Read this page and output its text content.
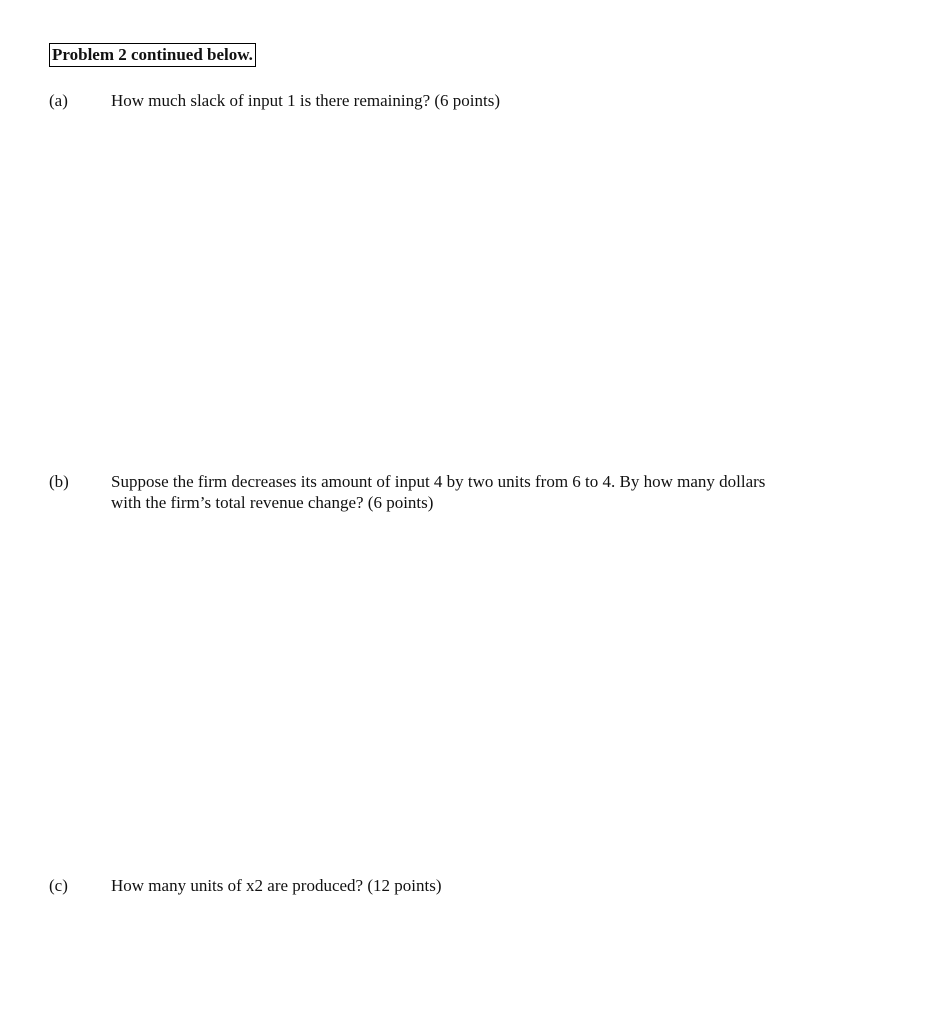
Problem 2 continued below.
(a)	How much slack of input 1 is there remaining? (6 points)
(b) Suppose the firm decreases its amount of input 4 by two units from 6 to 4. By how many dollars
with the firm’s total revenue change? (6 points)
(c)	How many units of x2 are produced? (12 points)
